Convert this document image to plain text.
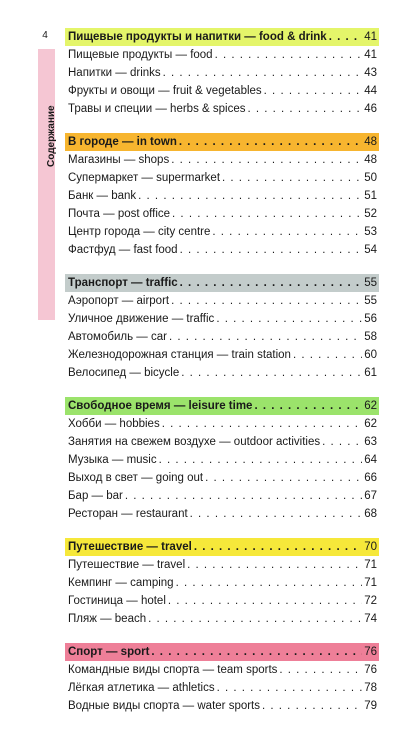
4
Содержание
Пищевые продукты и напитки — food & drink . . .	41
Пищевые продукты — food . . .	41
Напитки — drinks . . .	43
Фрукты и овощи — fruit & vegetables . . .	44
Травы и специи — herbs & spices . . .	46
В городе — in town . . .	48
Магазины — shops . . .	48
Супермаркет — supermarket . . .	50
Банк — bank . . .	51
Почта — post office . . .	52
Центр города — city centre . . .	53
Фастфуд — fast food . . .	54
Транспорт — traffic . . .	55
Аэропорт — airport . . .	55
Уличное движение — traffic . . .	56
Автомобиль — car . . .	58
Железнодорожная станция — train station . . .	60
Велосипед — bicycle . . .	61
Свободное время — leisure time . . .	62
Хобби — hobbies . . .	62
Занятия на свежем воздухе — outdoor activities . . .	63
Музыка — music . . .	64
Выход в свет — going out . . .	66
Бар — bar . . .	67
Ресторан — restaurant . . .	68
Путешествие — travel . . .	70
Путешествие — travel . . .	71
Кемпинг — camping . . .	71
Гостиница — hotel . . .	72
Пляж — beach . . .	74
Спорт — sport . . .	76
Командные виды спорта — team sports . . .	76
Лёгкая атлетика — athletics . . .	78
Водные виды спорта — water sports . . .	79
